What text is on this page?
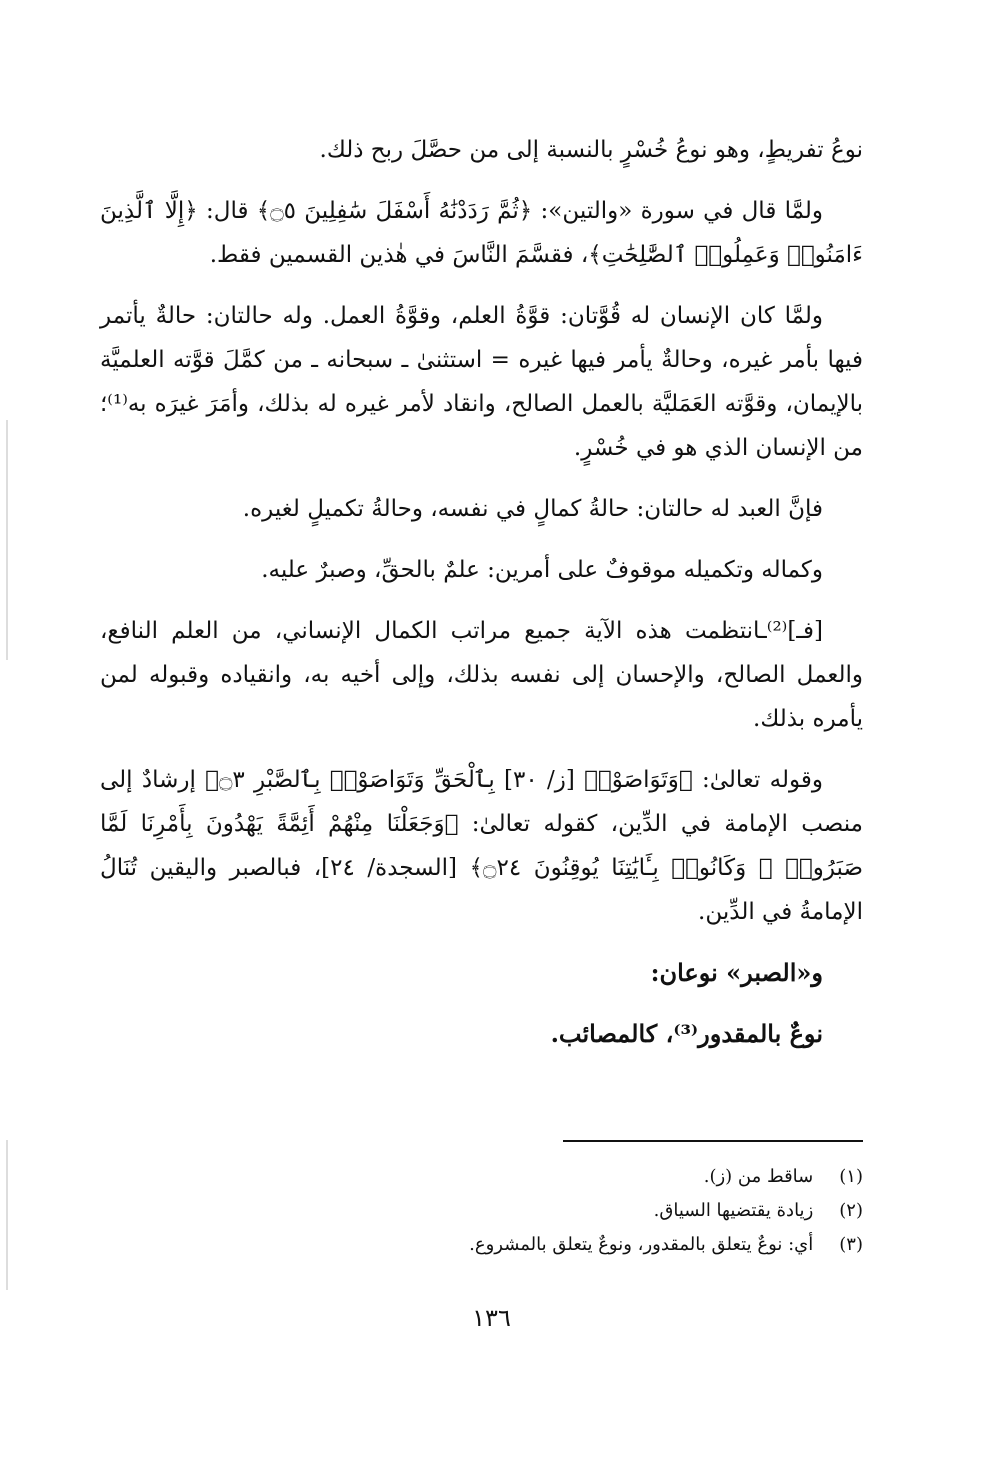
نوعُ تفريطٍ، وهو نوعُ خُسْرٍ بالنسبة إلى من حصَّلَ ربح ذلك.

ولمَّا قال في سورة «والتين»: ﴿ثُمَّ رَدَدْنَٰهُ أَسْفَلَ سَٰفِلِينَ ۝٥﴾ قال: ﴿إِلَّا ٱلَّذِينَ ءَامَنُوا۟ وَعَمِلُوا۟ ٱلصَّٰلِحَٰتِ﴾، فقسَّمَ النَّاسَ في هٰذين القسمين فقط.

ولمَّا كان الإنسان له قُوَّتان: قوَّةُ العلم، وقوَّةُ العمل. وله حالتان: حالةٌ يأتمر فيها بأمر غيره، وحالةٌ يأمر فيها غيره = استثنىٰ ـ سبحانه ـ من كمَّلَ قوَّته العلميَّة بالإيمان، وقوَّته العَمَليَّة بالعمل الصالح، وانقاد لأمر غيره له بذلك، وأمَرَ غيرَه به⁽¹⁾؛ من الإنسان الذي هو في خُسْرٍ.

فإنَّ العبد له حالتان: حالةُ كمالٍ في نفسه، وحالةُ تكميلٍ لغيره.

وكماله وتكميله موقوفٌ على أمرين: علمٌ بالحقِّ، وصبرٌ عليه.

[فـ]⁽²⁾ـانتظمت هذه الآية جميع مراتب الكمال الإنساني، من العلم النافع، والعمل الصالح، والإحسان إلى نفسه بذلك، وإلى أخيه به، وانقياده وقبوله لمن يأمره بذلك.

وقوله تعالىٰ: ﴿وَتَوَاصَوْا۟ [ز/ ٣٠] بِٱلْحَقِّ وَتَوَاصَوْا۟ بِٱلصَّبْرِ ۝٣﴾ إرشادٌ إلى منصب الإمامة في الدِّين، كقوله تعالىٰ: ﴿وَجَعَلْنَا مِنْهُمْ أَئِمَّةً يَهْدُونَ بِأَمْرِنَا لَمَّا صَبَرُوا۟ ۖ وَكَانُوا۟ بِـَٔايَٰتِنَا يُوقِنُونَ ۝٢٤﴾ [السجدة/ ٢٤]، فبالصبر واليقين تُنَالُ الإمامةُ في الدِّين.

و«الصبر» نوعان:

نوعٌ بالمقدور⁽³⁾، كالمصائب.

(١) ساقط من (ز).

(٢) زيادة يقتضيها السياق.

(٣) أي: نوعٌ يتعلق بالمقدور، ونوعٌ يتعلق بالمشروع.

١٣٦
